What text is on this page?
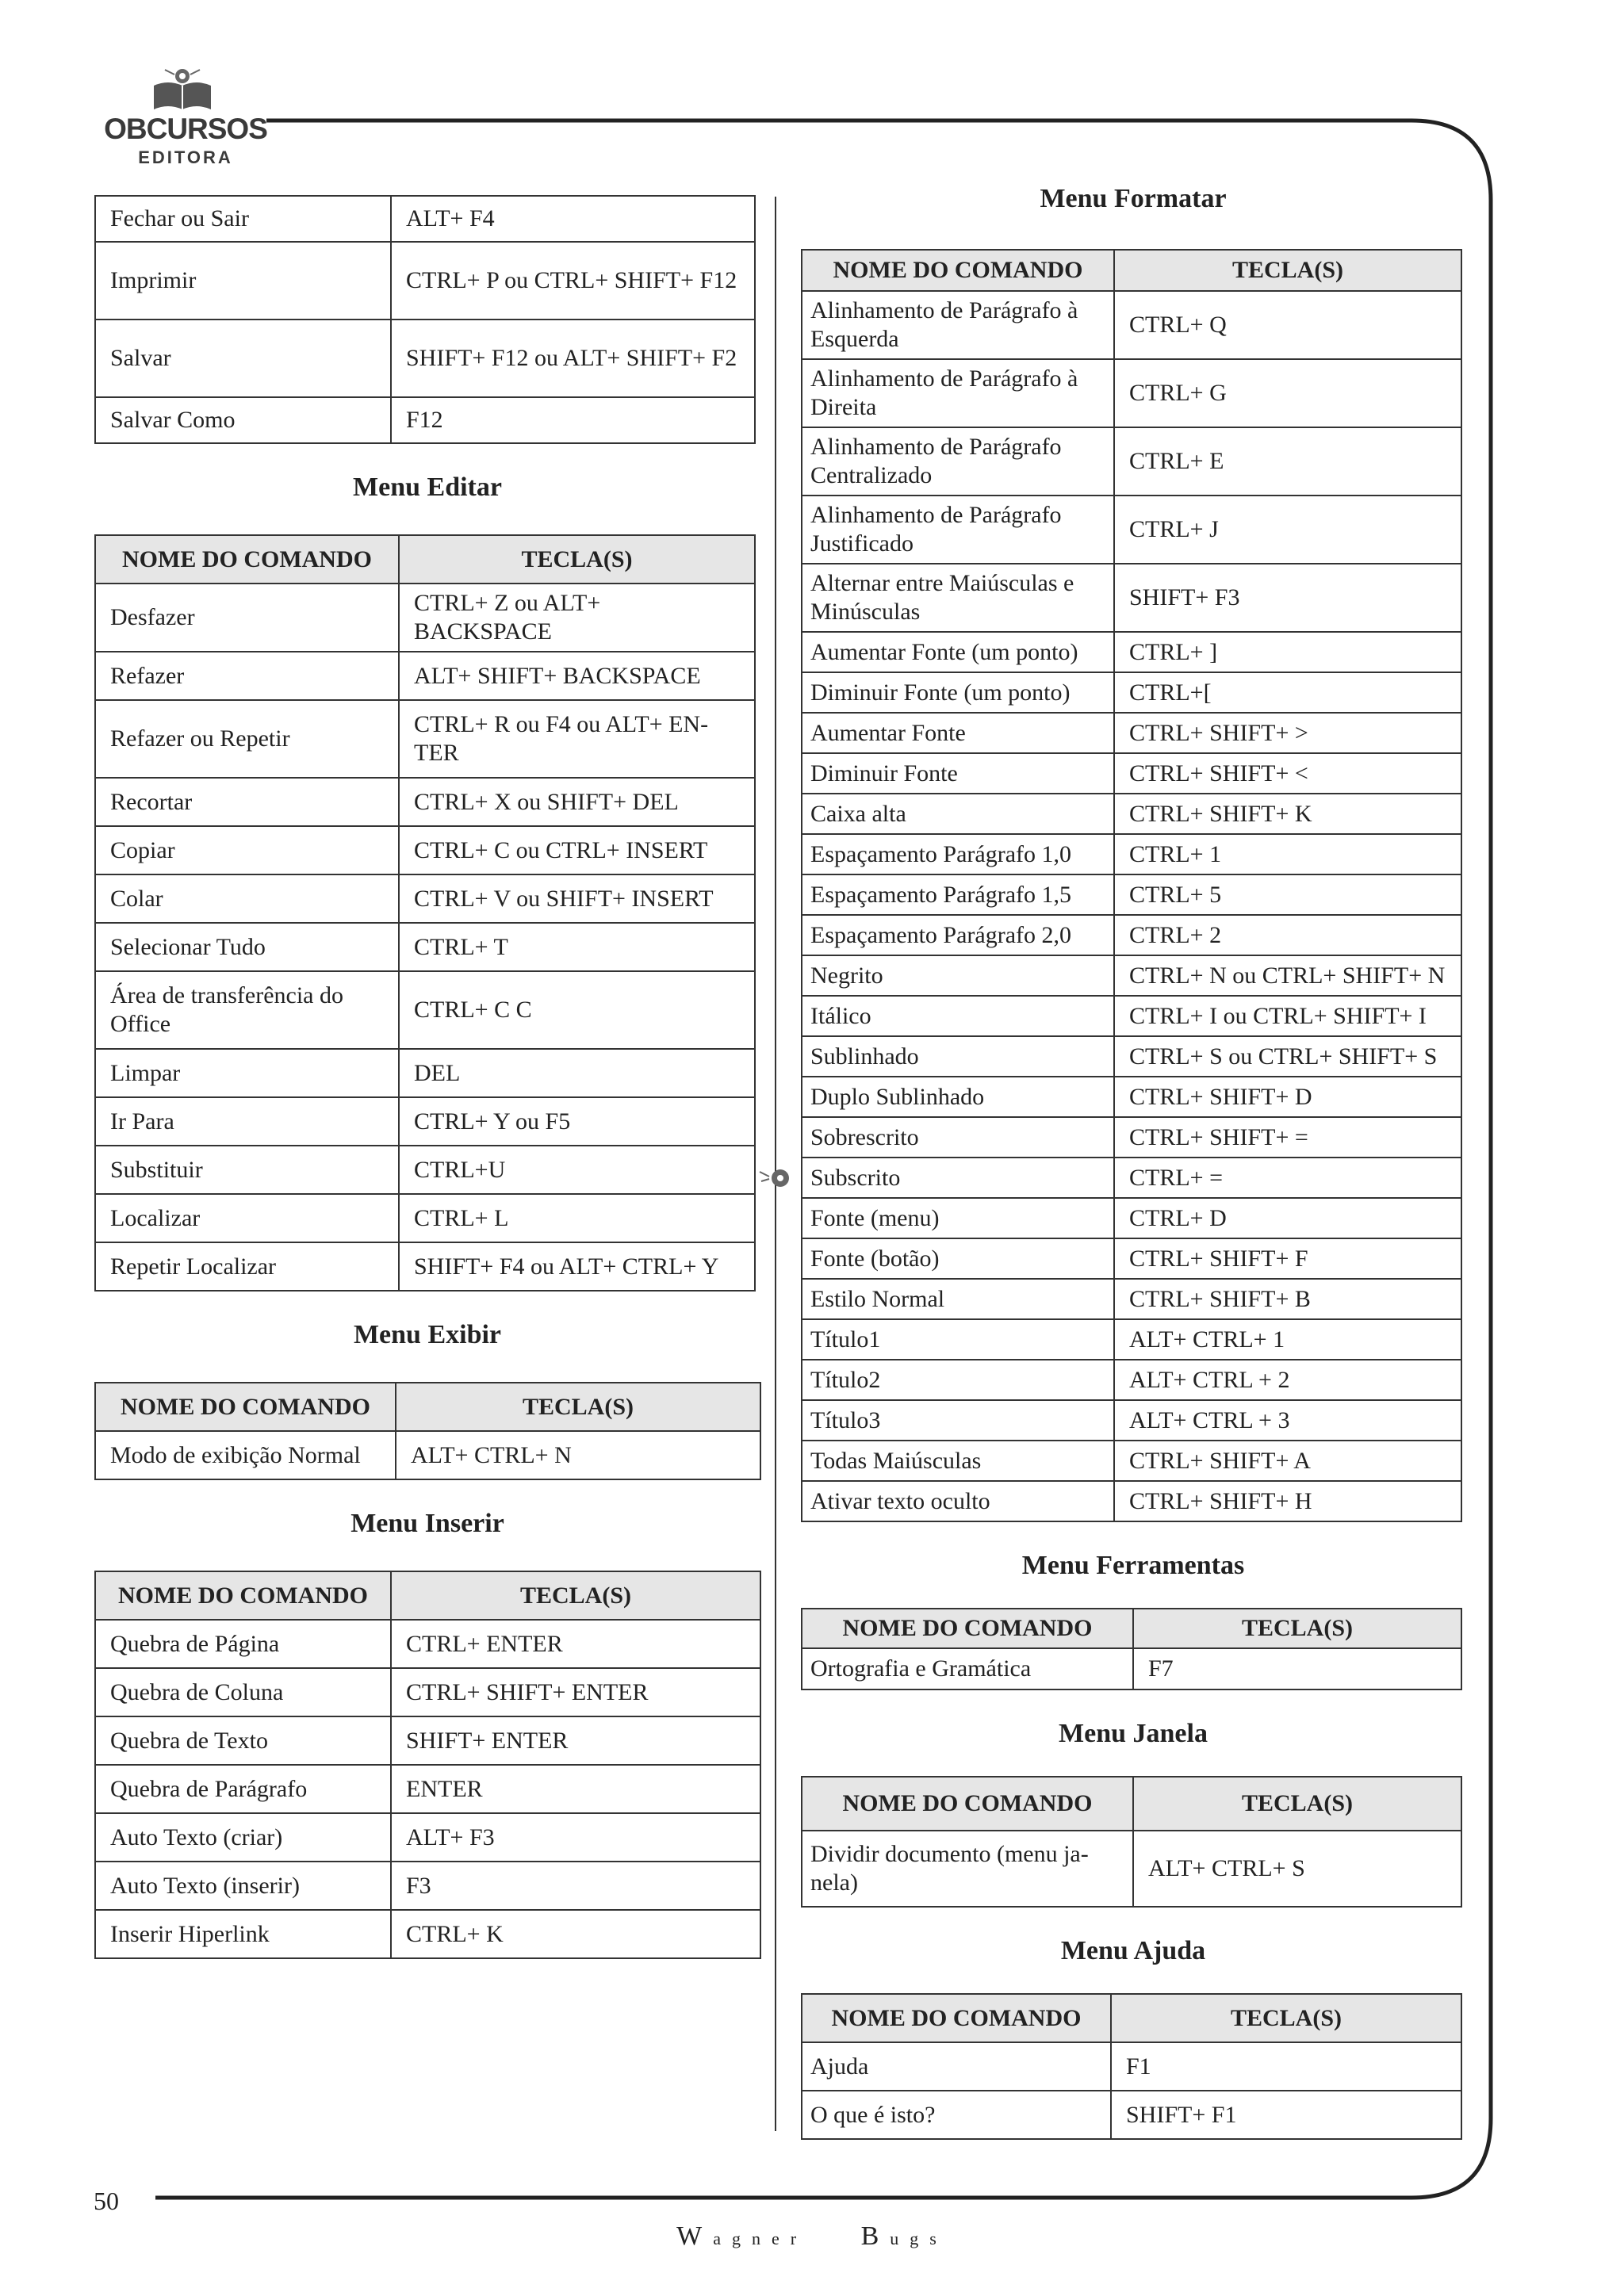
OBCURSOS
EDITORA
Fechar ou Sair	ALT+ F4
Imprimir	CTRL+ P ou CTRL+ SHIFT+ F12
Salvar	SHIFT+ F12 ou ALT+ SHIFT+ F2
Salvar Como	F12
Menu Editar
NOME DO COMANDO	TECLA(S)
Desfazer	CTRL+ Z ou ALT+ BACKSPACE
Refazer	ALT+ SHIFT+ BACKSPACE
Refazer ou Repetir	CTRL+ R ou F4 ou ALT+ EN-TER
Recortar	CTRL+ X ou SHIFT+ DEL
Copiar	CTRL+ C ou CTRL+ INSERT
Colar	CTRL+ V ou SHIFT+ INSERT
Selecionar Tudo	CTRL+ T
Área de transferência do Office	CTRL+ C C
Limpar	DEL
Ir Para	CTRL+ Y ou F5
Substituir	CTRL+U
Localizar	CTRL+ L
Repetir Localizar	SHIFT+ F4 ou ALT+ CTRL+ Y
Menu Exibir
NOME DO COMANDO	TECLA(S)
Modo de exibição Normal	ALT+ CTRL+ N
Menu Inserir
NOME DO COMANDO	TECLA(S)
Quebra de Página	CTRL+ ENTER
Quebra de Coluna	CTRL+ SHIFT+ ENTER
Quebra de Texto	SHIFT+ ENTER
Quebra de Parágrafo	ENTER
Auto Texto (criar)	ALT+ F3
Auto Texto (inserir)	F3
Inserir Hiperlink	CTRL+ K
Menu Formatar
NOME DO COMANDO	TECLA(S)
Alinhamento de Parágrafo à Esquerda	CTRL+ Q
Alinhamento de Parágrafo à Direita	CTRL+ G
Alinhamento de Parágrafo Centralizado	CTRL+ E
Alinhamento de Parágrafo Justificado	CTRL+ J
Alternar entre Maiúsculas e Minúsculas	SHIFT+ F3
Aumentar Fonte (um ponto)	CTRL+ ]
Diminuir Fonte (um ponto)	CTRL+[
Aumentar Fonte	CTRL+ SHIFT+ >
Diminuir Fonte	CTRL+ SHIFT+ <
Caixa alta	CTRL+ SHIFT+ K
Espaçamento Parágrafo 1,0	CTRL+ 1
Espaçamento Parágrafo 1,5	CTRL+ 5
Espaçamento Parágrafo 2,0	CTRL+ 2
Negrito	CTRL+ N ou CTRL+ SHIFT+ N
Itálico	CTRL+ I ou CTRL+ SHIFT+ I
Sublinhado	CTRL+ S ou CTRL+ SHIFT+ S
Duplo Sublinhado	CTRL+ SHIFT+ D
Sobrescrito	CTRL+ SHIFT+ =
Subscrito	CTRL+ =
Fonte (menu)	CTRL+ D
Fonte (botão)	CTRL+ SHIFT+ F
Estilo Normal	CTRL+ SHIFT+ B
Título1	ALT+ CTRL+ 1
Título2	ALT+ CTRL + 2
Título3	ALT+ CTRL + 3
Todas Maiúsculas	CTRL+ SHIFT+ A
Ativar texto oculto	CTRL+ SHIFT+ H
Menu Ferramentas
NOME DO COMANDO	TECLA(S)
Ortografia e Gramática	F7
Menu Janela
NOME DO COMANDO	TECLA(S)
Dividir documento (menu ja-nela)	ALT+ CTRL+ S
Menu Ajuda
NOME DO COMANDO	TECLA(S)
Ajuda	F1
O que é isto?	SHIFT+ F1
50
Wagner Bugs
